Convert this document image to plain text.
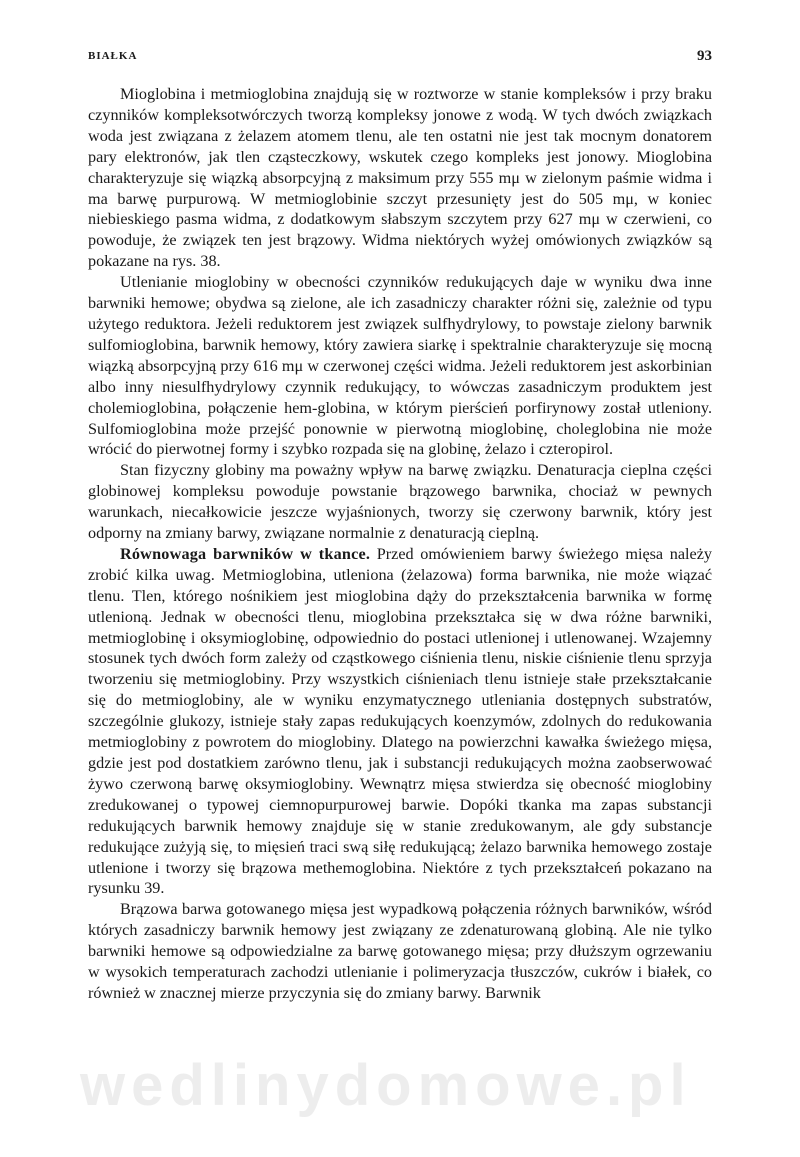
BIAŁKA	93

Mioglobina i metmioglobina znajdują się w roztworze w stanie kompleksów i przy braku czynników kompleksotwórczych tworzą kompleksy jonowe z wodą. W tych dwóch związkach woda jest związana z żelazem atomem tlenu, ale ten ostatni nie jest tak mocnym donatorem pary elektronów, jak tlen cząsteczkowy, wskutek czego kompleks jest jonowy. Mioglobina charakteryzuje się wiązką absorpcyjną z maksimum przy 555 mμ w zielonym paśmie widma i ma barwę purpurową. W metmioglobinie szczyt przesunięty jest do 505 mμ, w koniec niebieskiego pasma widma, z dodatkowym słabszym szczytem przy 627 mμ w czerwieni, co powoduje, że związek ten jest brązowy. Widma niektórych wyżej omówionych związków są pokazane na rys. 38.

Utlenianie mioglobiny w obecności czynników redukujących daje w wyniku dwa inne barwniki hemowe; obydwa są zielone, ale ich zasadniczy charakter różni się, zależnie od typu użytego reduktora. Jeżeli reduktorem jest związek sulfhydrylowy, to powstaje zielony barwnik sulfomioglobina, barwnik hemowy, który zawiera siarkę i spektralnie charakteryzuje się mocną wiązką absorpcyjną przy 616 mμ w czerwonej części widma. Jeżeli reduktorem jest askorbinian albo inny niesulfhydrylowy czynnik redukujący, to wówczas zasadniczym produktem jest cholemioglobina, połączenie hem-globina, w którym pierścień porfirynowy został utleniony. Sulfomioglobina może przejść ponownie w pierwotną mioglobinę, choleglobina nie może wrócić do pierwotnej formy i szybko rozpada się na globinę, żelazo i czteropirol.

Stan fizyczny globiny ma poważny wpływ na barwę związku. Denaturacja cieplna części globinowej kompleksu powoduje powstanie brązowego barwnika, chociaż w pewnych warunkach, niecałkowicie jeszcze wyjaśnionych, tworzy się czerwony barwnik, który jest odporny na zmiany barwy, związane normalnie z denaturacją cieplną.

Równowaga barwników w tkance. Przed omówieniem barwy świeżego mięsa należy zrobić kilka uwag. Metmioglobina, utleniona (żelazowa) forma barwnika, nie może wiązać tlenu. Tlen, którego nośnikiem jest mioglobina dąży do przekształcenia barwnika w formę utlenioną. Jednak w obecności tlenu, mioglobina przekształca się w dwa różne barwniki, metmioglobinę i oksymioglobinę, odpowiednio do postaci utlenionej i utlenowanej. Wzajemny stosunek tych dwóch form zależy od cząstkowego ciśnienia tlenu, niskie ciśnienie tlenu sprzyja tworzeniu się metmioglobiny. Przy wszystkich ciśnieniach tlenu istnieje stałe przekształcanie się do metmioglobiny, ale w wyniku enzymatycznego utleniania dostępnych substratów, szczególnie glukozy, istnieje stały zapas redukujących koenzymów, zdolnych do redukowania metmioglobiny z powrotem do mioglobiny. Dlatego na powierzchni kawałka świeżego mięsa, gdzie jest pod dostatkiem zarówno tlenu, jak i substancji redukujących można zaobserwować żywo czerwoną barwę oksymioglobiny. Wewnątrz mięsa stwierdza się obecność mioglobiny zredukowanej o typowej ciemnopurpurowej barwie. Dopóki tkanka ma zapas substancji redukujących barwnik hemowy znajduje się w stanie zredukowanym, ale gdy substancje redukujące zużyją się, to mięsień traci swą siłę redukującą; żelazo barwnika hemowego zostaje utlenione i tworzy się brązowa methemoglobina. Niektóre z tych przekształceń pokazano na rysunku 39.

Brązowa barwa gotowanego mięsa jest wypadkową połączenia różnych barwników, wśród których zasadniczy barwnik hemowy jest związany ze zdenaturowaną globiną. Ale nie tylko barwniki hemowe są odpowiedzialne za barwę gotowanego mięsa; przy dłuższym ogrzewaniu w wysokich temperaturach zachodzi utlenianie i polimeryzacja tłuszczów, cukrów i białek, co również w znacznej mierze przyczynia się do zmiany barwy. Barwnik

wedlinydomowe.pl
